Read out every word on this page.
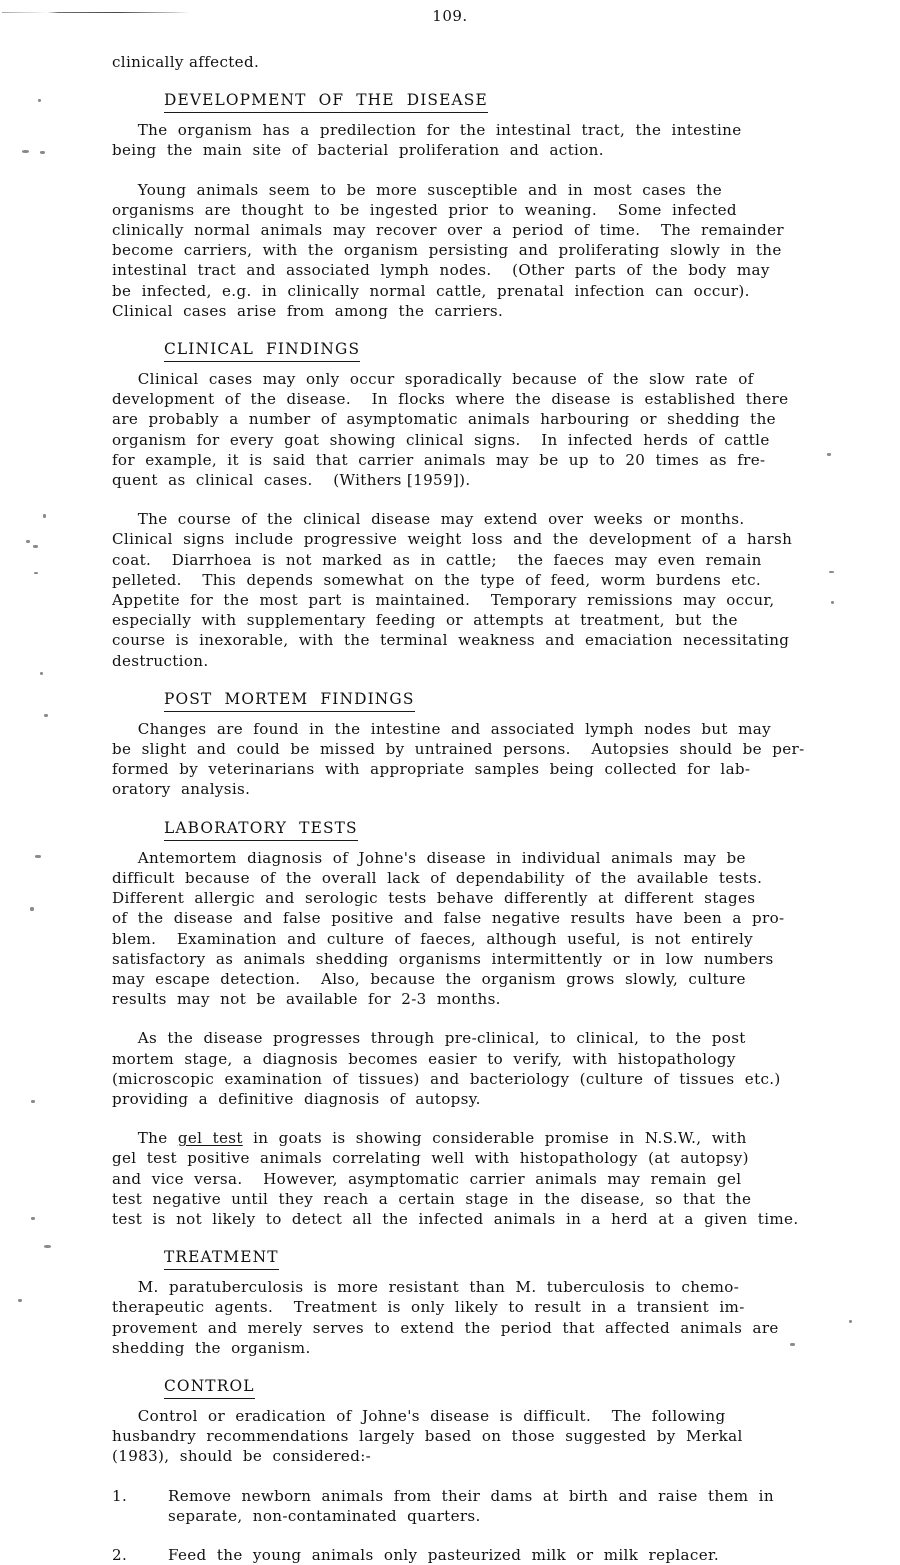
109.
clinically affected.
DEVELOPMENT  OF  THE  DISEASE
The  organism  has  a  predilection  for  the  intestinal  tract,  the  intestine
being  the  main  site  of  bacterial  proliferation  and  action.
Young  animals  seem  to  be  more  susceptible  and  in  most  cases  the
organisms  are  thought  to  be  ingested  prior  to  weaning.    Some  infected
clinically  normal  animals  may  recover  over  a  period  of  time.    The  remainder
become  carriers,  with  the  organism  persisting  and  proliferating  slowly  in  the
intestinal  tract  and  associated  lymph  nodes.    (Other  parts  of  the  body  may
be  infected,  e.g.  in  clinically  normal  cattle,  prenatal  infection  can  occur).
Clinical  cases  arise  from  among  the  carriers.
CLINICAL  FINDINGS
Clinical  cases  may  only  occur  sporadically  because  of  the  slow  rate  of
development  of  the  disease.    In  flocks  where  the  disease  is  established  there
are  probably  a  number  of  asymptomatic  animals  harbouring  or  shedding  the
organism  for  every  goat  showing  clinical  signs.    In  infected  herds  of  cattle
for  example,  it  is  said  that  carrier  animals  may  be  up  to  20  times  as  fre-
quent  as  clinical  cases.    (Withers [1959]).
The  course  of  the  clinical  disease  may  extend  over  weeks  or  months.
Clinical  signs  include  progressive  weight  loss  and  the  development  of  a  harsh
coat.    Diarrhoea  is  not  marked  as  in  cattle;    the  faeces  may  even  remain
pelleted.    This  depends  somewhat  on  the  type  of  feed,  worm  burdens  etc.
Appetite  for  the  most  part  is  maintained.    Temporary  remissions  may  occur,
especially  with  supplementary  feeding  or  attempts  at  treatment,  but  the
course  is  inexorable,  with  the  terminal  weakness  and  emaciation  necessitating
destruction.
POST  MORTEM  FINDINGS
Changes  are  found  in  the  intestine  and  associated  lymph  nodes  but  may
be  slight  and  could  be  missed  by  untrained  persons.    Autopsies  should  be  per-
formed  by  veterinarians  with  appropriate  samples  being  collected  for  lab-
oratory  analysis.
LABORATORY  TESTS
Antemortem  diagnosis  of  Johne's  disease  in  individual  animals  may  be
difficult  because  of  the  overall  lack  of  dependability  of  the  available  tests.
Different  allergic  and  serologic  tests  behave  differently  at  different  stages
of  the  disease  and  false  positive  and  false  negative  results  have  been  a  pro-
blem.    Examination  and  culture  of  faeces,  although  useful,  is  not  entirely
satisfactory  as  animals  shedding  organisms  intermittently  or  in  low  numbers
may  escape  detection.    Also,  because  the  organism  grows  slowly,  culture
results  may  not  be  available  for  2-3  months.
As  the  disease  progresses  through  pre-clinical,  to  clinical,  to  the  post
mortem  stage,  a  diagnosis  becomes  easier  to  verify,  with  histopathology
(microscopic  examination  of  tissues)  and  bacteriology  (culture  of  tissues  etc.)
providing  a  definitive  diagnosis  of  autopsy.
The  gel  test  in  goats  is  showing  considerable  promise  in  N.S.W.,  with
gel  test  positive  animals  correlating  well  with  histopathology  (at  autopsy)
and  vice  versa.    However,  asymptomatic  carrier  animals  may  remain  gel
test  negative  until  they  reach  a  certain  stage  in  the  disease,  so  that  the
test  is  not  likely  to  detect  all  the  infected  animals  in  a  herd  at  a  given  time.
TREATMENT
M.  paratuberculosis  is  more  resistant  than  M.  tuberculosis  to  chemo-
therapeutic  agents.    Treatment  is  only  likely  to  result  in  a  transient  im-
provement  and  merely  serves  to  extend  the  period  that  affected  animals  are
shedding  the  organism.
CONTROL
Control  or  eradication  of  Johne's  disease  is  difficult.    The  following
husbandry  recommendations  largely  based  on  those  suggested  by  Merkal
(1983),  should  be  considered:-
1.	Remove  newborn  animals  from  their  dams  at  birth  and  raise  them  in
separate,  non-contaminated  quarters.
2.	Feed  the  young  animals  only  pasteurized  milk  or  milk  replacer.
